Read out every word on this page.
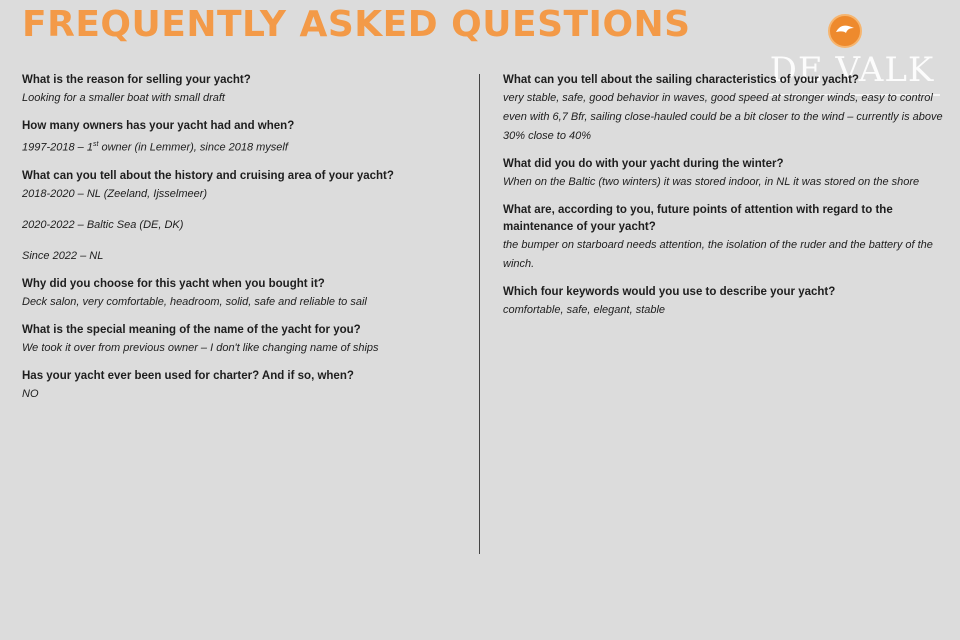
FREQUENTLY ASKED QUESTIONS
DE VALK
What is the reason for selling your yacht?
Looking for a smaller boat with small draft
How many owners has your yacht had and when?
1997-2018 – 1st owner (in Lemmer), since 2018 myself
What can you tell about the history and cruising area of your yacht?
2018-2020 – NL (Zeeland, Ijsselmeer)
2020-2022 – Baltic Sea (DE, DK)
Since 2022 – NL
Why did you choose for this yacht when you bought it?
Deck salon, very comfortable, headroom, solid, safe and reliable to sail
What is the special meaning of the name of the yacht for you?
We took it over from previous owner – I don't like changing name of ships
Has your yacht ever been used for charter? And if so, when?
NO
What can you tell about the sailing characteristics of your yacht?
very stable, safe, good behavior in waves, good speed at stronger winds, easy to control even with 6,7 Bfr, sailing close-hauled could be a bit closer to the wind – currently is above 30% close to 40%
What did you do with your yacht during the winter?
When on the Baltic (two winters) it was stored indoor, in NL it was stored on the shore
What are, according to you, future points of attention with regard to the maintenance of your yacht?
the bumper on starboard needs attention, the isolation of the ruder and the battery of the winch.
Which four keywords would you use to describe your yacht?
comfortable, safe, elegant, stable
